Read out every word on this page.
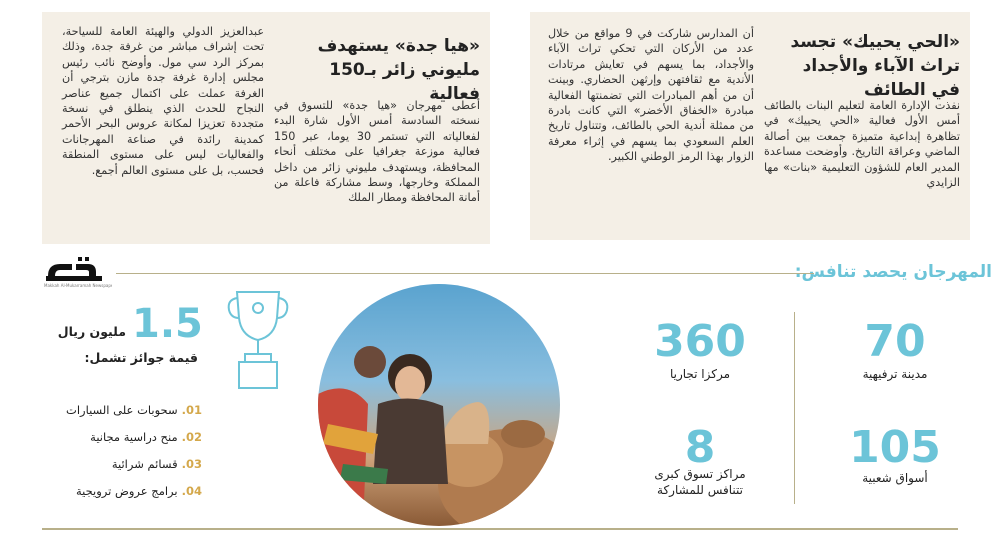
«الحي يحييك» تجسد تراث الآباء والأجداد في الطائف
نفذت الإدارة العامة لتعليم البنات بالطائف أمس الأول فعالية «الحي يحييك» في تظاهرة إبداعية متميزة جمعت بين أصالة الماضي وعراقة التاريخ. وأوضحت مساعدة المدير العام للشؤون التعليمية «بنات» مها الزايدي
أن المدارس شاركت في 9 مواقع من خلال عدد من الأركان التي تحكي تراث الآباء والأجداد، بما يسهم في تعايش مرتادات الأندية مع ثقافتهن وإرثهن الحضاري. وبينت أن من أهم المبادرات التي تضمنتها الفعالية مبادرة «الخفاق الأخضر» التي كانت بادرة من ممثلة أندية الحي بالطائف، وتتناول تاريخ العلم السعودي بما يسهم في إثراء معرفة الزوار بهذا الرمز الوطني الكبير.
«هيا جدة» يستهدف مليوني زائر بـ150 فعالية
أعطى مهرجان «هيا جدة» للتسوق في نسخته السادسة أمس الأول شارة البدء لفعالياته التي تستمر 30 يوما، عبر 150 فعالية موزعة جغرافيا على مختلف أنحاء المحافظة، ويستهدف مليوني زائر من داخل المملكة وخارجها، وسط مشاركة فاعلة من أمانة المحافظة ومطار الملك
عبدالعزيز الدولي والهيئة العامة للسياحة، تحت إشراف مباشر من غرفة جدة، وذلك بمركز الرد سي مول. وأوضح نائب رئيس مجلس إدارة غرفة جدة مازن بترجي أن الغرفة عملت على اكتمال جميع عناصر النجاح للحدث الذي ينطلق في نسخة متجددة تعزيزا لمكانة عروس البحر الأحمر كمدينة رائدة في صناعة المهرجانات والفعاليات ليس على مستوى المنطقة فحسب، بل على مستوى العالم أجمع.
Makkah Al-Mukarramah Newspaper
المهرجان يحصد تنافس:
70
مدينة ترفيهية
360
مركزا تجاريا
105
أسواق شعبية
8
مراكز تسوق كبرى تتنافس للمشاركة
1.5
مليون ريال
قيمة جوائز تشمل:
01.سحوبات على السيارات
02.منح دراسية مجانية
03.قسائم شرائية
04.برامج عروض ترويجية
